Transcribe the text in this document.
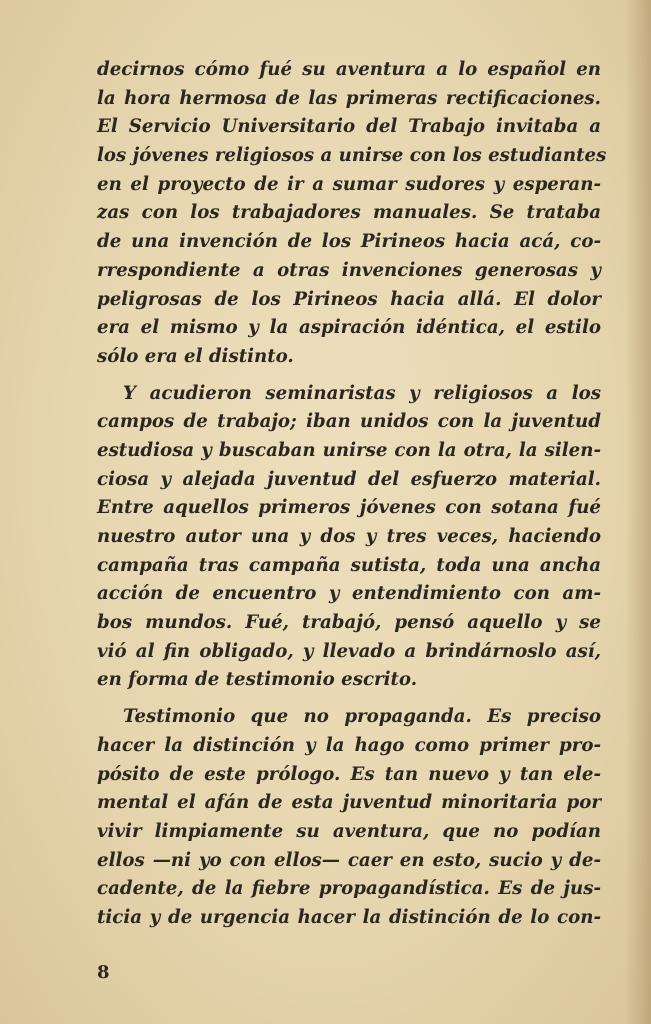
decirnos cómo fué su aventura a lo español en
la hora hermosa de las primeras rectificaciones.
El Servicio Universitario del Trabajo invitaba a
los jóvenes religiosos a unirse con los estudiantes
en el proyecto de ir a sumar sudores y esperan-
zas con los trabajadores manuales. Se trataba
de una invención de los Pirineos hacia acá, co-
rrespondiente a otras invenciones generosas y
peligrosas de los Pirineos hacia allá. El dolor
era el mismo y la aspiración idéntica, el estilo
sólo era el distinto.
Y acudieron seminaristas y religiosos a los
campos de trabajo; iban unidos con la juventud
estudiosa y buscaban unirse con la otra, la silen-
ciosa y alejada juventud del esfuerzo material.
Entre aquellos primeros jóvenes con sotana fué
nuestro autor una y dos y tres veces, haciendo
campaña tras campaña sutista, toda una ancha
acción de encuentro y entendimiento con am-
bos mundos. Fué, trabajó, pensó aquello y se
vió al fin obligado, y llevado a brindárnoslo así,
en forma de testimonio escrito.
Testimonio que no propaganda. Es preciso
hacer la distinción y la hago como primer pro-
pósito de este prólogo. Es tan nuevo y tan ele-
mental el afán de esta juventud minoritaria por
vivir limpiamente su aventura, que no podían
ellos —ni yo con ellos— caer en esto, sucio y de-
cadente, de la fiebre propagandística. Es de jus-
ticia y de urgencia hacer la distinción de lo con-
8
